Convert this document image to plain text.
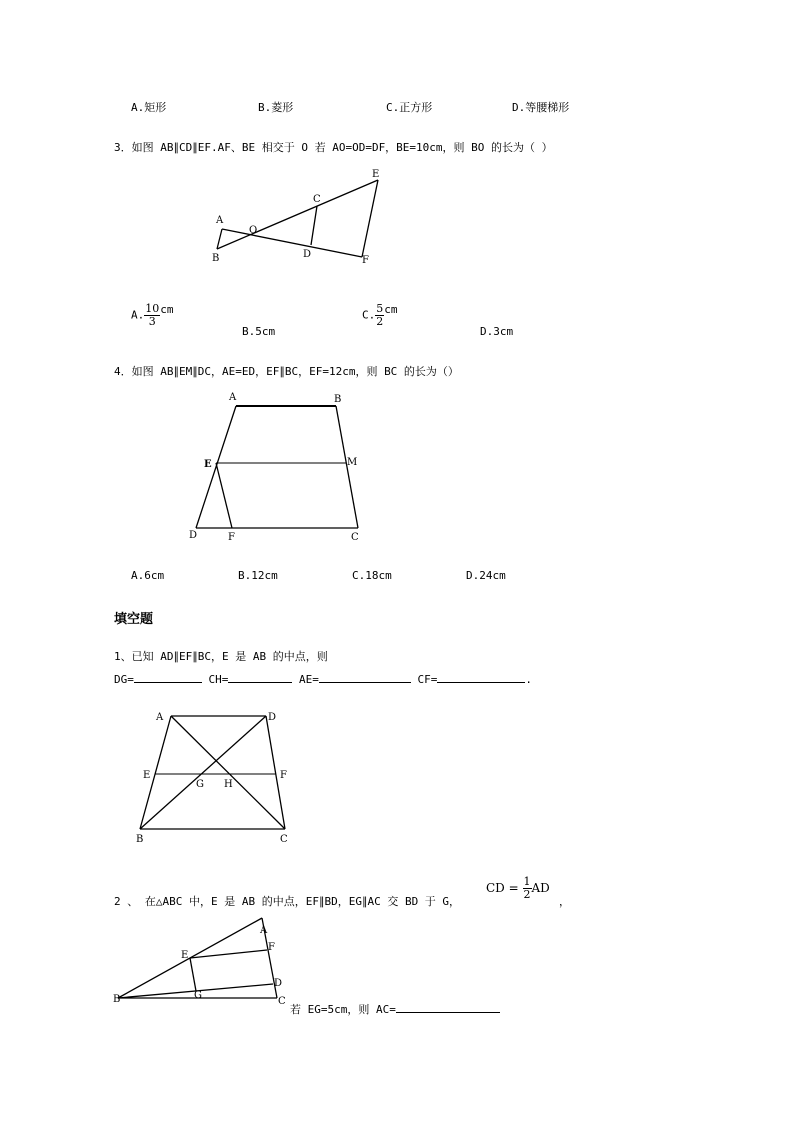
A.矩形	B.菱形	C.正方形	D.等腰梯形
3．如图 AB∥CD∥EF.AF、BE 相交于 O 若 AO=OD=DF，BE=10cm，则 BO 的长为（ ）
A
B
O
C
D
E
F
A. $\frac{10}{3}$ cm
B.5cm
C. $\frac{5}{2}$ cm
D.3cm
4．如图 AB∥EM∥DC，AE=ED，EF∥BC，EF=12cm，则 BC 的长为（）
A	B
E	M
D	F	C
A.6cm	B.12cm	C.18cm	D.24cm
填空题
1、已知 AD∥EF∥BC，E 是 AB 的中点，则
DG=	CH=	AE=	CF=	.
A	D
E
G H
F
B	C
2 、 在△ABC 中，E 是 AB 的中点，EF∥BD，EG∥AC 交 BD 于 G，
CD = $\frac{1}{2}$ AD
，
A
E
F
D
B	G
C
若 EG=5cm，则 AC=
